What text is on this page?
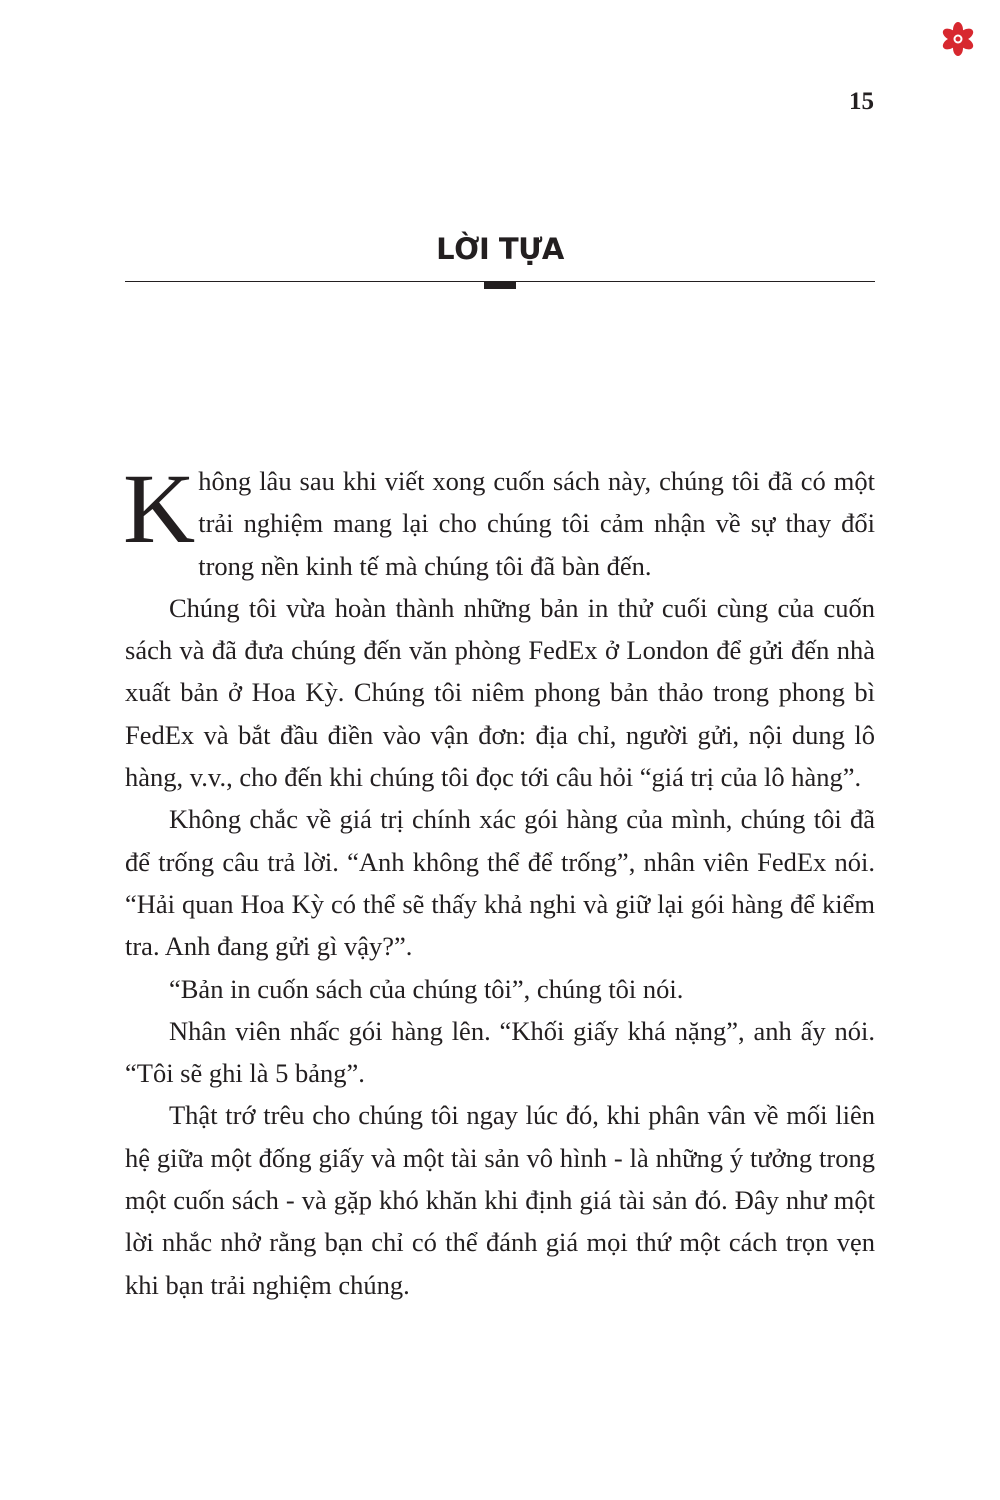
15
LỜI TỰA

Không lâu sau khi viết xong cuốn sách này, chúng tôi đã có một trải nghiệm mang lại cho chúng tôi cảm nhận về sự thay đổi trong nền kinh tế mà chúng tôi đã bàn đến.

Chúng tôi vừa hoàn thành những bản in thử cuối cùng của cuốn sách và đã đưa chúng đến văn phòng FedEx ở London để gửi đến nhà xuất bản ở Hoa Kỳ. Chúng tôi niêm phong bản thảo trong phong bì FedEx và bắt đầu điền vào vận đơn: địa chỉ, người gửi, nội dung lô hàng, v.v., cho đến khi chúng tôi đọc tới câu hỏi “giá trị của lô hàng”.

Không chắc về giá trị chính xác gói hàng của mình, chúng tôi đã để trống câu trả lời. “Anh không thể để trống”, nhân viên FedEx nói. “Hải quan Hoa Kỳ có thể sẽ thấy khả nghi và giữ lại gói hàng để kiểm tra. Anh đang gửi gì vậy?”.

“Bản in cuốn sách của chúng tôi”, chúng tôi nói.

Nhân viên nhấc gói hàng lên. “Khối giấy khá nặng”, anh ấy nói. “Tôi sẽ ghi là 5 bảng”.

Thật trớ trêu cho chúng tôi ngay lúc đó, khi phân vân về mối liên hệ giữa một đống giấy và một tài sản vô hình - là những ý tưởng trong một cuốn sách - và gặp khó khăn khi định giá tài sản đó. Đây như một lời nhắc nhở rằng bạn chỉ có thể đánh giá mọi thứ một cách trọn vẹn khi bạn trải nghiệm chúng.
